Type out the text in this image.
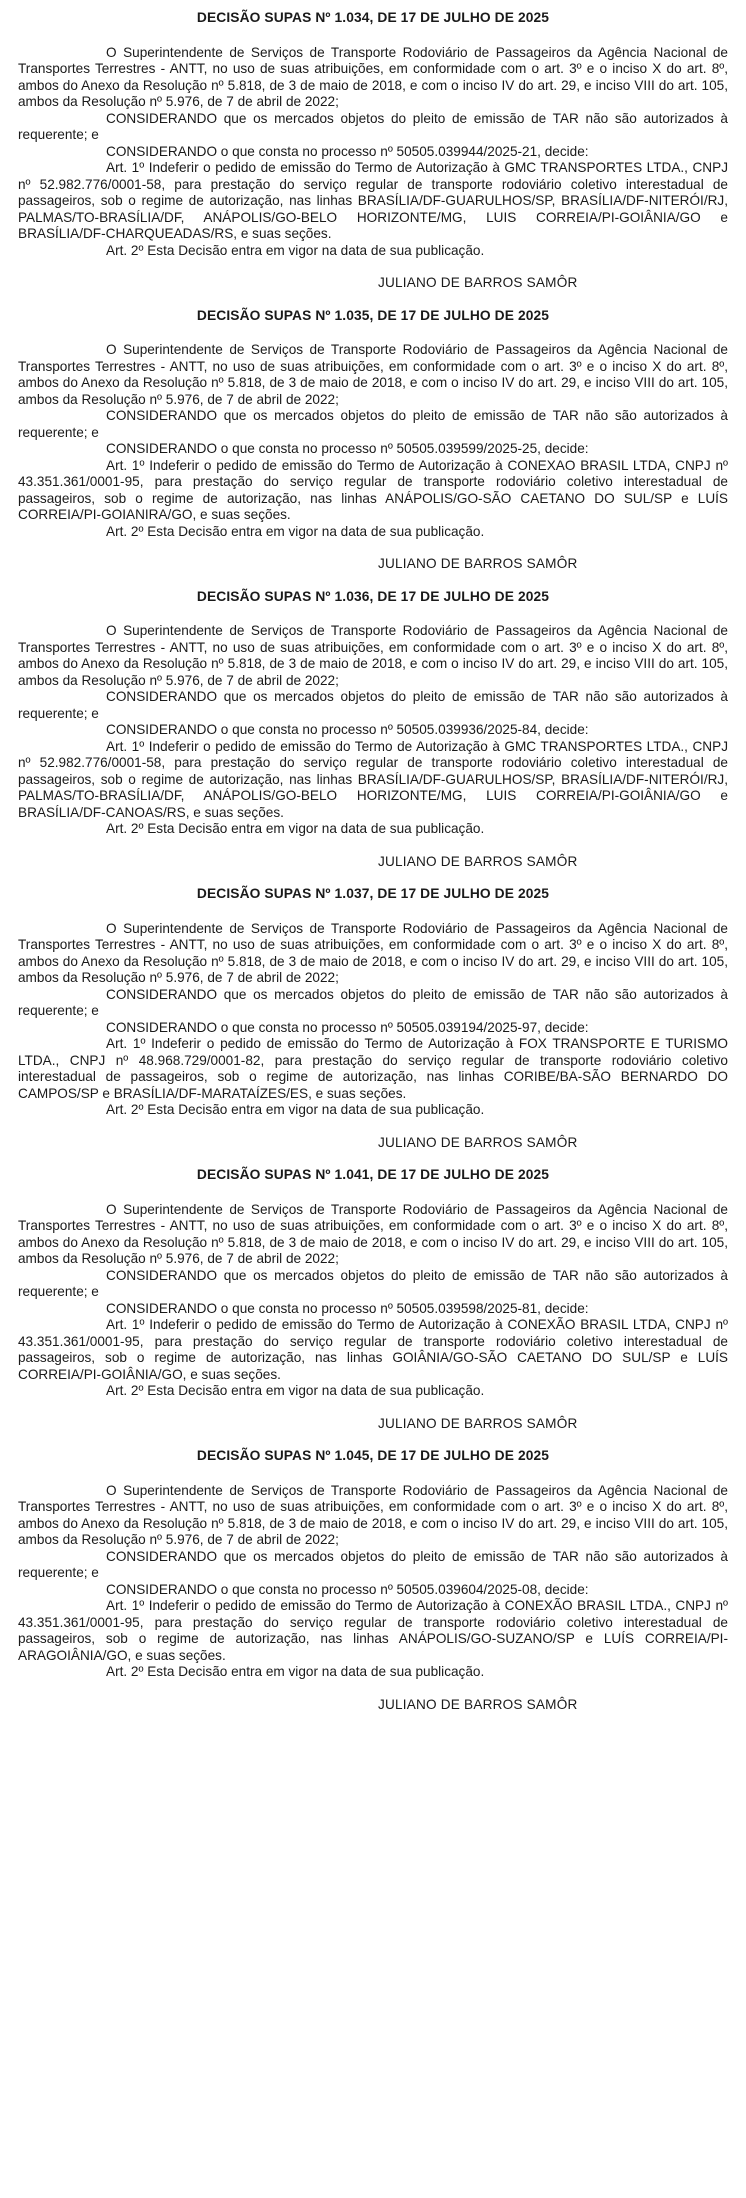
DECISÃO SUPAS Nº 1.034, DE 17 DE JULHO DE 2025

O Superintendente de Serviços de Transporte Rodoviário de Passageiros da Agência Nacional de Transportes Terrestres - ANTT, no uso de suas atribuições, em conformidade com o art. 3º e o inciso X do art. 8º, ambos do Anexo da Resolução nº 5.818, de 3 de maio de 2018, e com o inciso IV do art. 29, e inciso VIII do art. 105, ambos da Resolução nº 5.976, de 7 de abril de 2022;

CONSIDERANDO que os mercados objetos do pleito de emissão de TAR não são autorizados à requerente; e

CONSIDERANDO o que consta no processo nº 50505.039944/2025-21, decide:

Art. 1º Indeferir o pedido de emissão do Termo de Autorização à GMC TRANSPORTES LTDA., CNPJ nº 52.982.776/0001-58, para prestação do serviço regular de transporte rodoviário coletivo interestadual de passageiros, sob o regime de autorização, nas linhas BRASÍLIA/DF-GUARULHOS/SP, BRASÍLIA/DF-NITERÓI/RJ, PALMAS/TO-BRASÍLIA/DF, ANÁPOLIS/GO-BELO HORIZONTE/MG, LUIS CORREIA/PI-GOIÂNIA/GO e BRASÍLIA/DF-CHARQUEADAS/RS, e suas seções.

Art. 2º Esta Decisão entra em vigor na data de sua publicação.

JULIANO DE BARROS SAMÔR
DECISÃO SUPAS Nº 1.035, DE 17 DE JULHO DE 2025

O Superintendente de Serviços de Transporte Rodoviário de Passageiros da Agência Nacional de Transportes Terrestres - ANTT, no uso de suas atribuições, em conformidade com o art. 3º e o inciso X do art. 8º, ambos do Anexo da Resolução nº 5.818, de 3 de maio de 2018, e com o inciso IV do art. 29, e inciso VIII do art. 105, ambos da Resolução nº 5.976, de 7 de abril de 2022;

CONSIDERANDO que os mercados objetos do pleito de emissão de TAR não são autorizados à requerente; e

CONSIDERANDO o que consta no processo nº 50505.039599/2025-25, decide:

Art. 1º Indeferir o pedido de emissão do Termo de Autorização à CONEXAO BRASIL LTDA, CNPJ nº 43.351.361/0001-95, para prestação do serviço regular de transporte rodoviário coletivo interestadual de passageiros, sob o regime de autorização, nas linhas ANÁPOLIS/GO-SÃO CAETANO DO SUL/SP e LUÍS CORREIA/PI-GOIANIRA/GO, e suas seções.

Art. 2º Esta Decisão entra em vigor na data de sua publicação.

JULIANO DE BARROS SAMÔR
DECISÃO SUPAS Nº 1.036, DE 17 DE JULHO DE 2025

O Superintendente de Serviços de Transporte Rodoviário de Passageiros da Agência Nacional de Transportes Terrestres - ANTT, no uso de suas atribuições, em conformidade com o art. 3º e o inciso X do art. 8º, ambos do Anexo da Resolução nº 5.818, de 3 de maio de 2018, e com o inciso IV do art. 29, e inciso VIII do art. 105, ambos da Resolução nº 5.976, de 7 de abril de 2022;

CONSIDERANDO que os mercados objetos do pleito de emissão de TAR não são autorizados à requerente; e

CONSIDERANDO o que consta no processo nº 50505.039936/2025-84, decide:

Art. 1º Indeferir o pedido de emissão do Termo de Autorização à GMC TRANSPORTES LTDA., CNPJ nº 52.982.776/0001-58, para prestação do serviço regular de transporte rodoviário coletivo interestadual de passageiros, sob o regime de autorização, nas linhas BRASÍLIA/DF-GUARULHOS/SP, BRASÍLIA/DF-NITERÓI/RJ, PALMAS/TO-BRASÍLIA/DF, ANÁPOLIS/GO-BELO HORIZONTE/MG, LUIS CORREIA/PI-GOIÂNIA/GO e BRASÍLIA/DF-CANOAS/RS, e suas seções.

Art. 2º Esta Decisão entra em vigor na data de sua publicação.

JULIANO DE BARROS SAMÔR
DECISÃO SUPAS Nº 1.037, DE 17 DE JULHO DE 2025

O Superintendente de Serviços de Transporte Rodoviário de Passageiros da Agência Nacional de Transportes Terrestres - ANTT, no uso de suas atribuições, em conformidade com o art. 3º e o inciso X do art. 8º, ambos do Anexo da Resolução nº 5.818, de 3 de maio de 2018, e com o inciso IV do art. 29, e inciso VIII do art. 105, ambos da Resolução nº 5.976, de 7 de abril de 2022;

CONSIDERANDO que os mercados objetos do pleito de emissão de TAR não são autorizados à requerente; e

CONSIDERANDO o que consta no processo nº 50505.039194/2025-97, decide:

Art. 1º Indeferir o pedido de emissão do Termo de Autorização à FOX TRANSPORTE E TURISMO LTDA., CNPJ nº 48.968.729/0001-82, para prestação do serviço regular de transporte rodoviário coletivo interestadual de passageiros, sob o regime de autorização, nas linhas CORIBE/BA-SÃO BERNARDO DO CAMPOS/SP e BRASÍLIA/DF-MARATAÍZES/ES, e suas seções.

Art. 2º Esta Decisão entra em vigor na data de sua publicação.

JULIANO DE BARROS SAMÔR
DECISÃO SUPAS Nº 1.041, DE 17 DE JULHO DE 2025

O Superintendente de Serviços de Transporte Rodoviário de Passageiros da Agência Nacional de Transportes Terrestres - ANTT, no uso de suas atribuições, em conformidade com o art. 3º e o inciso X do art. 8º, ambos do Anexo da Resolução nº 5.818, de 3 de maio de 2018, e com o inciso IV do art. 29, e inciso VIII do art. 105, ambos da Resolução nº 5.976, de 7 de abril de 2022;

CONSIDERANDO que os mercados objetos do pleito de emissão de TAR não são autorizados à requerente; e

CONSIDERANDO o que consta no processo nº 50505.039598/2025-81, decide:

Art. 1º Indeferir o pedido de emissão do Termo de Autorização à CONEXÃO BRASIL LTDA, CNPJ nº 43.351.361/0001-95, para prestação do serviço regular de transporte rodoviário coletivo interestadual de passageiros, sob o regime de autorização, nas linhas GOIÂNIA/GO-SÃO CAETANO DO SUL/SP e LUÍS CORREIA/PI-GOIÂNIA/GO, e suas seções.

Art. 2º Esta Decisão entra em vigor na data de sua publicação.

JULIANO DE BARROS SAMÔR
DECISÃO SUPAS Nº 1.045, DE 17 DE JULHO DE 2025

O Superintendente de Serviços de Transporte Rodoviário de Passageiros da Agência Nacional de Transportes Terrestres - ANTT, no uso de suas atribuições, em conformidade com o art. 3º e o inciso X do art. 8º, ambos do Anexo da Resolução nº 5.818, de 3 de maio de 2018, e com o inciso IV do art. 29, e inciso VIII do art. 105, ambos da Resolução nº 5.976, de 7 de abril de 2022;

CONSIDERANDO que os mercados objetos do pleito de emissão de TAR não são autorizados à requerente; e

CONSIDERANDO o que consta no processo nº 50505.039604/2025-08, decide:

Art. 1º Indeferir o pedido de emissão do Termo de Autorização à CONEXÃO BRASIL LTDA., CNPJ nº 43.351.361/0001-95, para prestação do serviço regular de transporte rodoviário coletivo interestadual de passageiros, sob o regime de autorização, nas linhas ANÁPOLIS/GO-SUZANO/SP e LUÍS CORREIA/PI-ARAGOIÂNIA/GO, e suas seções.

Art. 2º Esta Decisão entra em vigor na data de sua publicação.

JULIANO DE BARROS SAMÔR
